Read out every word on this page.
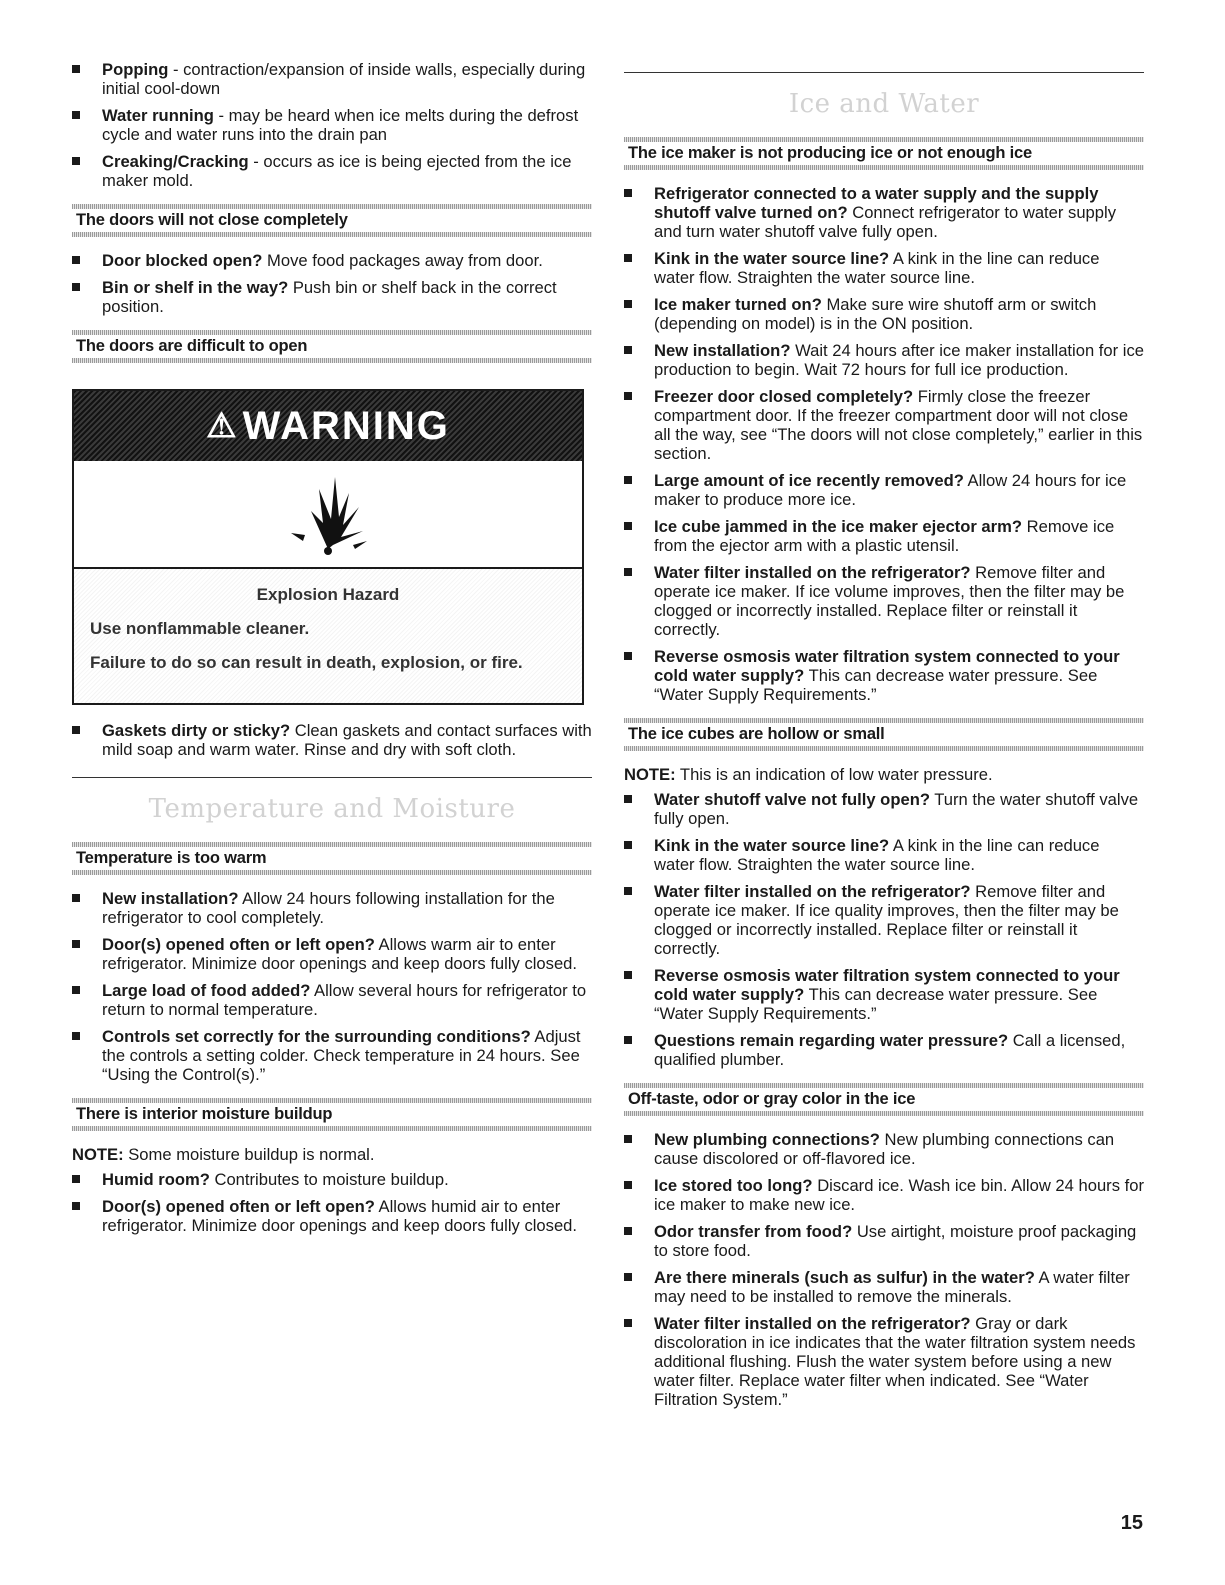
Popping - contraction/expansion of inside walls, especially during initial cool-down
Water running - may be heard when ice melts during the defrost cycle and water runs into the drain pan
Creaking/Cracking - occurs as ice is being ejected from the ice maker mold.
The doors will not close completely
Door blocked open? Move food packages away from door.
Bin or shelf in the way? Push bin or shelf back in the correct position.
The doors are difficult to open
⚠ WARNING
Explosion Hazard
Use nonflammable cleaner.
Failure to do so can result in death, explosion, or fire.
Gaskets dirty or sticky? Clean gaskets and contact surfaces with mild soap and warm water. Rinse and dry with soft cloth.
Temperature and Moisture
Temperature is too warm
New installation? Allow 24 hours following installation for the refrigerator to cool completely.
Door(s) opened often or left open? Allows warm air to enter refrigerator. Minimize door openings and keep doors fully closed.
Large load of food added? Allow several hours for refrigerator to return to normal temperature.
Controls set correctly for the surrounding conditions? Adjust the controls a setting colder. Check temperature in 24 hours. See “Using the Control(s).”
There is interior moisture buildup

NOTE: Some moisture buildup is normal.

Humid room? Contributes to moisture buildup.
Door(s) opened often or left open? Allows humid air to enter refrigerator. Minimize door openings and keep doors fully closed.
Ice and Water
The ice maker is not producing ice or not enough ice
Refrigerator connected to a water supply and the supply shutoff valve turned on? Connect refrigerator to water supply and turn water shutoff valve fully open.
Kink in the water source line? A kink in the line can reduce water flow. Straighten the water source line.
Ice maker turned on? Make sure wire shutoff arm or switch (depending on model) is in the ON position.
New installation? Wait 24 hours after ice maker installation for ice production to begin. Wait 72 hours for full ice production.
Freezer door closed completely? Firmly close the freezer compartment door. If the freezer compartment door will not close all the way, see “The doors will not close completely,” earlier in this section.
Large amount of ice recently removed? Allow 24 hours for ice maker to produce more ice.
Ice cube jammed in the ice maker ejector arm? Remove ice from the ejector arm with a plastic utensil.
Water filter installed on the refrigerator? Remove filter and operate ice maker. If ice volume improves, then the filter may be clogged or incorrectly installed. Replace filter or reinstall it correctly.
Reverse osmosis water filtration system connected to your cold water supply? This can decrease water pressure. See “Water Supply Requirements.”
The ice cubes are hollow or small

NOTE: This is an indication of low water pressure.

Water shutoff valve not fully open? Turn the water shutoff valve fully open.
Kink in the water source line? A kink in the line can reduce water flow. Straighten the water source line.
Water filter installed on the refrigerator? Remove filter and operate ice maker. If ice quality improves, then the filter may be clogged or incorrectly installed. Replace filter or reinstall it correctly.
Reverse osmosis water filtration system connected to your cold water supply? This can decrease water pressure. See “Water Supply Requirements.”
Questions remain regarding water pressure? Call a licensed, qualified plumber.
Off-taste, odor or gray color in the ice
New plumbing connections? New plumbing connections can cause discolored or off-flavored ice.
Ice stored too long? Discard ice. Wash ice bin. Allow 24 hours for ice maker to make new ice.
Odor transfer from food? Use airtight, moisture proof packaging to store food.
Are there minerals (such as sulfur) in the water? A water filter may need to be installed to remove the minerals.
Water filter installed on the refrigerator? Gray or dark discoloration in ice indicates that the water filtration system needs additional flushing. Flush the water system before using a new water filter. Replace water filter when indicated. See “Water Filtration System.”
15
